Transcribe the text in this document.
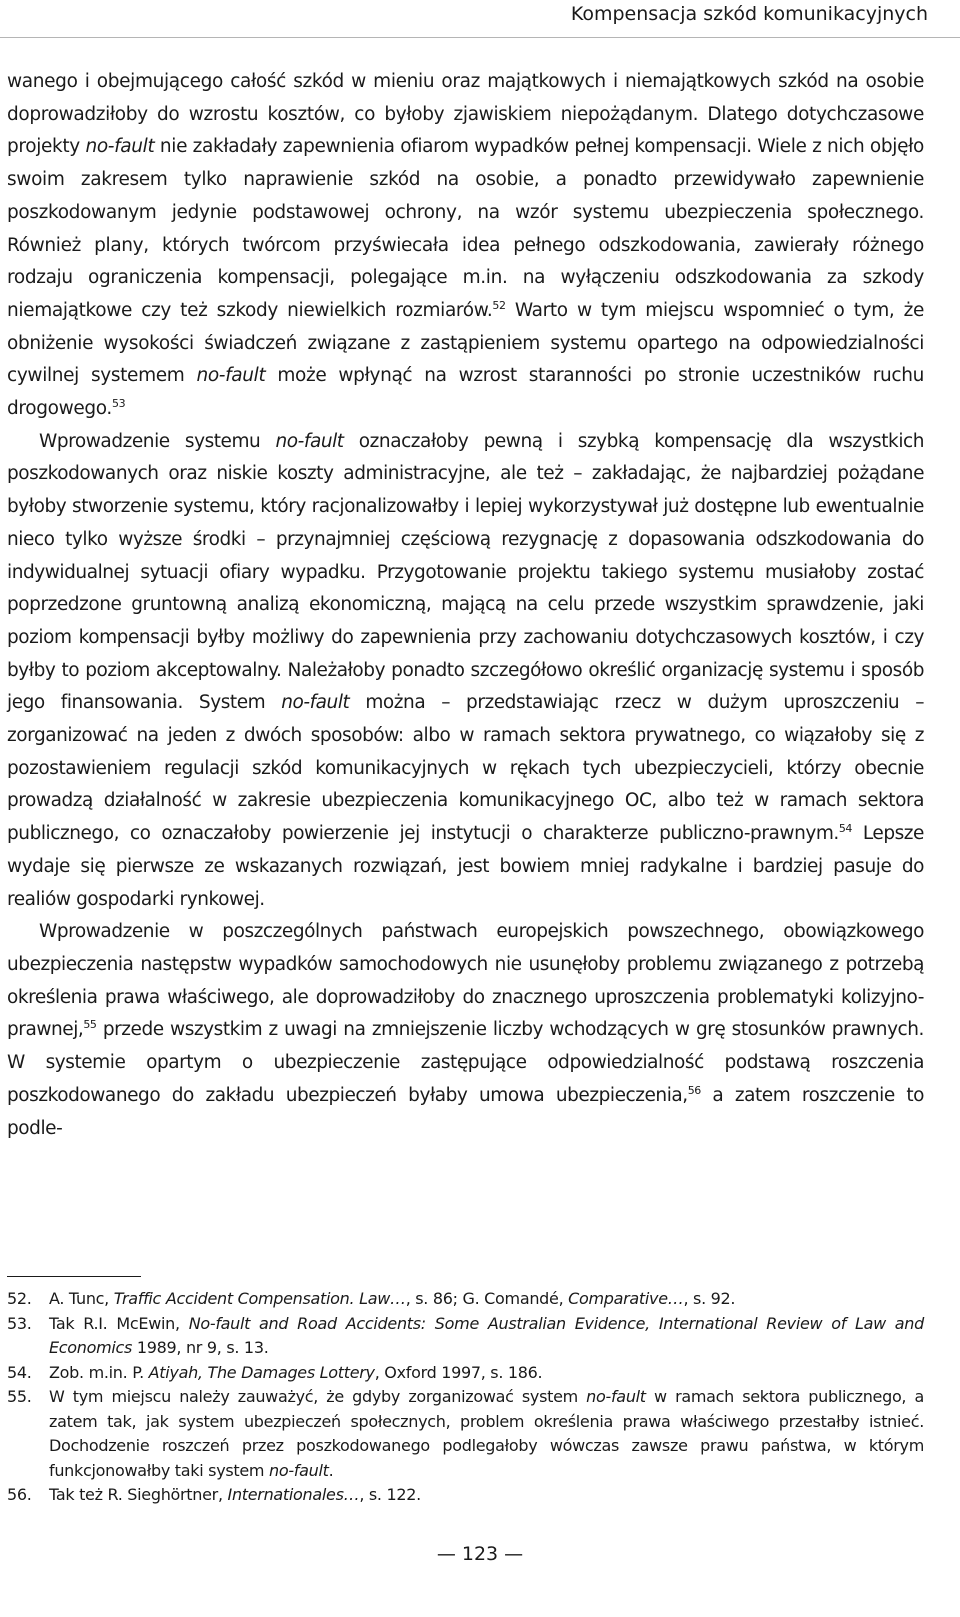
Kompensacja szkód komunikacyjnych

wanego i obejmującego całość szkód w mieniu oraz majątkowych i niemajątkowych szkód na osobie doprowadziłoby do wzrostu kosztów, co byłoby zjawiskiem niepożądanym. Dlatego dotychczasowe projekty no-fault nie zakładały zapewnienia ofiarom wypadków pełnej kompensacji. Wiele z nich objęło swoim zakresem tylko naprawienie szkód na osobie, a ponadto przewidywało zapewnienie poszkodowanym jedynie podstawowej ochrony, na wzór systemu ubezpieczenia społecznego. Również plany, których twórcom przyświecała idea pełnego odszkodowania, zawierały różnego rodzaju ograniczenia kompensacji, polegające m.in. na wyłączeniu odszkodowania za szkody niemajątkowe czy też szkody niewielkich rozmiarów.$^{52}$ Warto w tym miejscu wspomnieć o tym, że obniżenie wysokości świadczeń związane z zastąpieniem systemu opartego na odpowiedzialności cywilnej systemem no-fault może wpłynąć na wzrost staranności po stronie uczestników ruchu drogowego.$^{53}$

Wprowadzenie systemu no-fault oznaczałoby pewną i szybką kompensację dla wszystkich poszkodowanych oraz niskie koszty administracyjne, ale też – zakładając, że najbardziej pożądane byłoby stworzenie systemu, który racjonalizowałby i lepiej wykorzystywał już dostępne lub ewentualnie nieco tylko wyższe środki – przynajmniej częściową rezygnację z dopasowania odszkodowania do indywidualnej sytuacji ofiary wypadku. Przygotowanie projektu takiego systemu musiałoby zostać poprzedzone gruntowną analizą ekonomiczną, mającą na celu przede wszystkim sprawdzenie, jaki poziom kompensacji byłby możliwy do zapewnienia przy zachowaniu dotychczasowych kosztów, i czy byłby to poziom akceptowalny. Należałoby ponadto szczegółowo określić organizację systemu i sposób jego finansowania. System no-fault można – przedstawiając rzecz w dużym uproszczeniu – zorganizować na jeden z dwóch sposobów: albo w ramach sektora prywatnego, co wiązałoby się z pozostawieniem regulacji szkód komunikacyjnych w rękach tych ubezpieczycieli, którzy obecnie prowadzą działalność w zakresie ubezpieczenia komunikacyjnego OC, albo też w ramach sektora publicznego, co oznaczałoby powierzenie jej instytucji o charakterze publiczno-prawnym.$^{54}$ Lepsze wydaje się pierwsze ze wskazanych rozwiązań, jest bowiem mniej radykalne i bardziej pasuje do realiów gospodarki rynkowej.

Wprowadzenie w poszczególnych państwach europejskich powszechnego, obowiązkowego ubezpieczenia następstw wypadków samochodowych nie usunęłoby problemu związanego z potrzebą określenia prawa właściwego, ale doprowadziłoby do znacznego uproszczenia problematyki kolizyjno-prawnej,$^{55}$ przede wszystkim z uwagi na zmniejszenie liczby wchodzących w grę stosunków prawnych. W systemie opartym o ubezpieczenie zastępujące odpowiedzialność podstawą roszczenia poszkodowanego do zakładu ubezpieczeń byłaby umowa ubezpieczenia,$^{56}$ a zatem roszczenie to podle-

52.	A. Tunc, Traffic Accident Compensation. Law…, s. 86; G. Comandé, Comparative…, s. 92.
53.	Tak R.I. McEwin, No-fault and Road Accidents: Some Australian Evidence, International Review of Law and Economics 1989, nr 9, s. 13.
54.	Zob. m.in. P. Atiyah, The Damages Lottery, Oxford 1997, s. 186.
55.	W tym miejscu należy zauważyć, że gdyby zorganizować system no-fault w ramach sektora publicznego, a zatem tak, jak system ubezpieczeń społecznych, problem określenia prawa właściwego przestałby istnieć. Dochodzenie roszczeń przez poszkodowanego podlegałoby wówczas zawsze prawu państwa, w którym funkcjonowałby taki system no-fault.
56.	Tak też R. Sieghörtner, Internationales…, s. 122.
— 123 —
